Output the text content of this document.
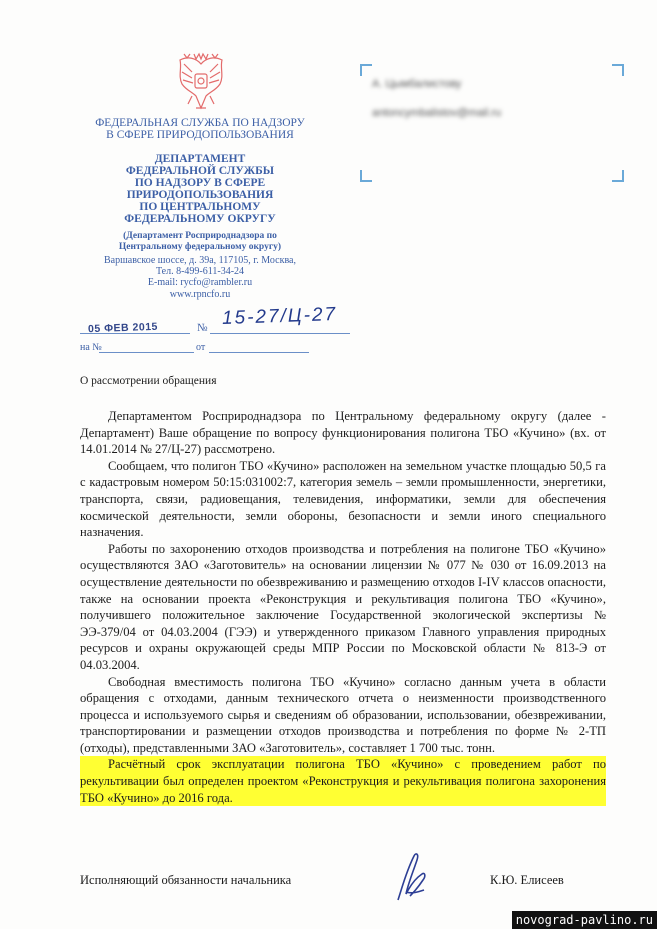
ФЕДЕРАЛЬНАЯ СЛУЖБА ПО НАДЗОРУ
В СФЕРЕ ПРИРОДОПОЛЬЗОВАНИЯ
ДЕПАРТАМЕНТ
ФЕДЕРАЛЬНОЙ СЛУЖБЫ
ПО НАДЗОРУ В СФЕРЕ
ПРИРОДОПОЛЬЗОВАНИЯ
ПО ЦЕНТРАЛЬНОМУ
ФЕДЕРАЛЬНОМУ ОКРУГУ
(Департамент Росприроднадзора по
Центральному федеральному округу)
Варшавское шоссе, д. 39а, 117105, г. Москва,
Тел. 8-499-611-34-24
E-mail: rycfo@rambler.ru
www.rpncfo.ru
А. Цымбалистову
antoncymbalistov@mail.ru
05 ФЕВ 2015	№ 15-27/Ц-27
на №	от
О рассмотрении обращения

Департаментом Росприроднадзора по Центральному федеральному округу (далее - Департамент) Ваше обращение по вопросу функционирования полигона ТБО «Кучино» (вх. от 14.01.2014 № 27/Ц-27) рассмотрено.

Сообщаем, что полигон ТБО «Кучино» расположен на земельном участке площадью 50,5 га с кадастровым номером 50:15:031002:7, категория земель – земли промышленности, энергетики, транспорта, связи, радиовещания, телевидения, информатики, земли для обеспечения космической деятельности, земли обороны, безопасности и земли иного специального назначения.

Работы по захоронению отходов производства и потребления на полигоне ТБО «Кучино» осуществляются ЗАО «Заготовитель» на основании лицензии № 077 № 030 от 16.09.2013 на осуществление деятельности по обезвреживанию и размещению отходов I-IV классов опасности, также на основании проекта «Реконструкция и рекультивация полигона ТБО «Кучино», получившего положительное заключение Государственной экологической экспертизы № ЭЭ-379/04 от 04.03.2004 (ГЭЭ) и утвержденного приказом Главного управления природных ресурсов и охраны окружающей среды МПР России по Московской области № 813-Э от 04.03.2004.

Свободная вместимость полигона ТБО «Кучино» согласно данным учета в области обращения с отходами, данным технического отчета о неизменности производственного процесса и используемого сырья и сведениям об образовании, использовании, обезвреживании, транспортировании и размещении отходов производства и потребления по форме № 2-ТП (отходы), представленными ЗАО «Заготовитель», составляет 1 700 тыс. тонн.

Расчётный срок эксплуатации полигона ТБО «Кучино» с проведением работ по рекультивации был определен проектом «Реконструкция и рекультивация полигона захоронения ТБО «Кучино» до 2016 года.

Исполняющий обязанности начальника	К.Ю. Елисеев
novograd-pavlino.ru
